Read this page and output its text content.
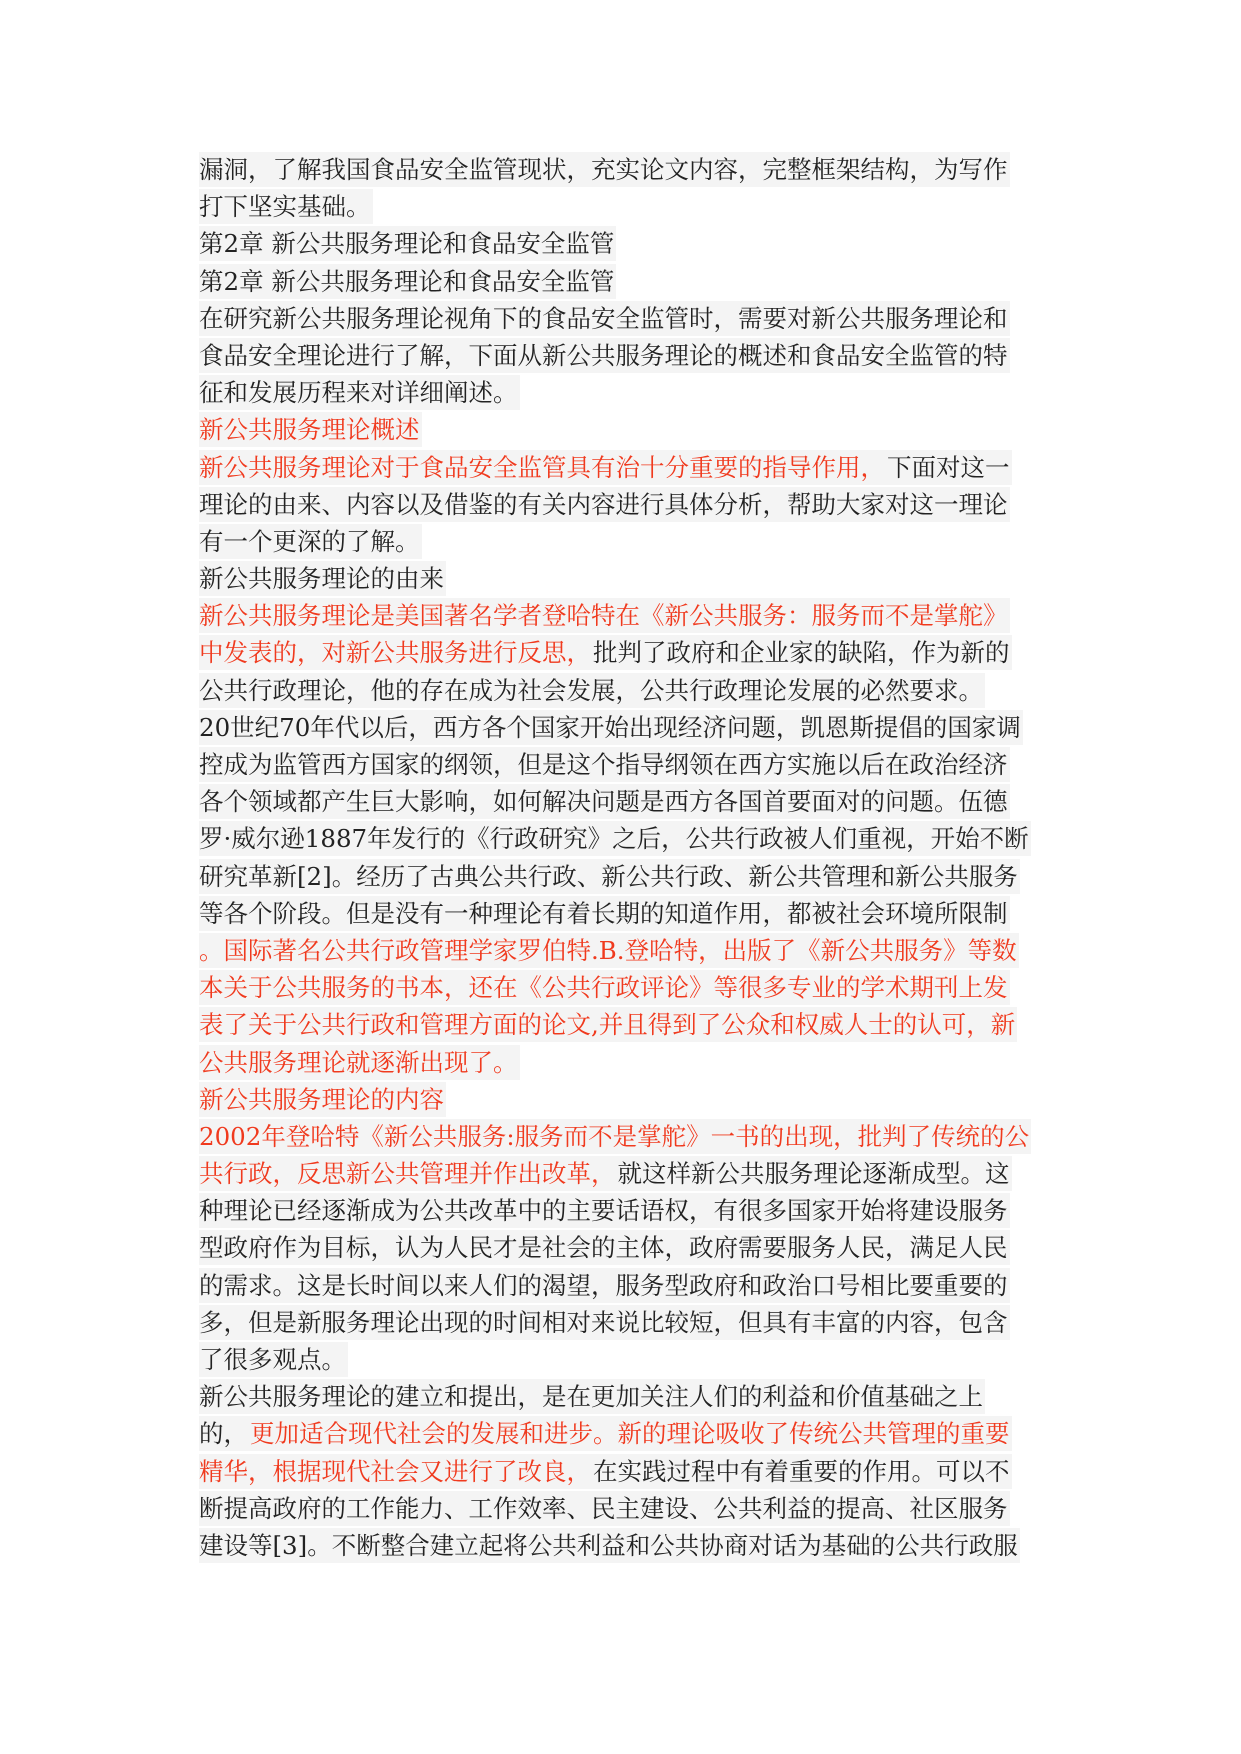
漏洞，了解我国食品安全监管现状，充实论文内容，完整框架结构，为写作
打下坚实基础。
第2章 新公共服务理论和食品安全监管
第2章 新公共服务理论和食品安全监管
在研究新公共服务理论视角下的食品安全监管时，需要对新公共服务理论和
食品安全理论进行了解，下面从新公共服务理论的概述和食品安全监管的特
征和发展历程来对详细阐述。
新公共服务理论概述
新公共服务理论对于食品安全监管具有治十分重要的指导作用，下面对这一
理论的由来、内容以及借鉴的有关内容进行具体分析，帮助大家对这一理论
有一个更深的了解。
新公共服务理论的由来
新公共服务理论是美国著名学者登哈特在《新公共服务：服务而不是掌舵》
中发表的，对新公共服务进行反思，批判了政府和企业家的缺陷，作为新的
公共行政理论，他的存在成为社会发展，公共行政理论发展的必然要求。
20世纪70年代以后，西方各个国家开始出现经济问题，凯恩斯提倡的国家调
控成为监管西方国家的纲领，但是这个指导纲领在西方实施以后在政治经济
各个领域都产生巨大影响，如何解决问题是西方各国首要面对的问题。伍德
罗·威尔逊1887年发行的《行政研究》之后，公共行政被人们重视，开始不断
研究革新[2]。经历了古典公共行政、新公共行政、新公共管理和新公共服务
等各个阶段。但是没有一种理论有着长期的知道作用，都被社会环境所限制
。国际著名公共行政管理学家罗伯特.B.登哈特，出版了《新公共服务》等数
本关于公共服务的书本，还在《公共行政评论》等很多专业的学术期刊上发
表了关于公共行政和管理方面的论文,并且得到了公众和权威人士的认可，新
公共服务理论就逐渐出现了。
新公共服务理论的内容
2002年登哈特《新公共服务:服务而不是掌舵》一书的出现，批判了传统的公
共行政，反思新公共管理并作出改革，就这样新公共服务理论逐渐成型。这
种理论已经逐渐成为公共改革中的主要话语权，有很多国家开始将建设服务
型政府作为目标，认为人民才是社会的主体，政府需要服务人民，满足人民
的需求。这是长时间以来人们的渴望，服务型政府和政治口号相比要重要的
多，但是新服务理论出现的时间相对来说比较短，但具有丰富的内容，包含
了很多观点。
新公共服务理论的建立和提出，是在更加关注人们的利益和价值基础之上
的，更加适合现代社会的发展和进步。新的理论吸收了传统公共管理的重要
精华，根据现代社会又进行了改良，在实践过程中有着重要的作用。可以不
断提高政府的工作能力、工作效率、民主建设、公共利益的提高、社区服务
建设等[3]。不断整合建立起将公共利益和公共协商对话为基础的公共行政服
